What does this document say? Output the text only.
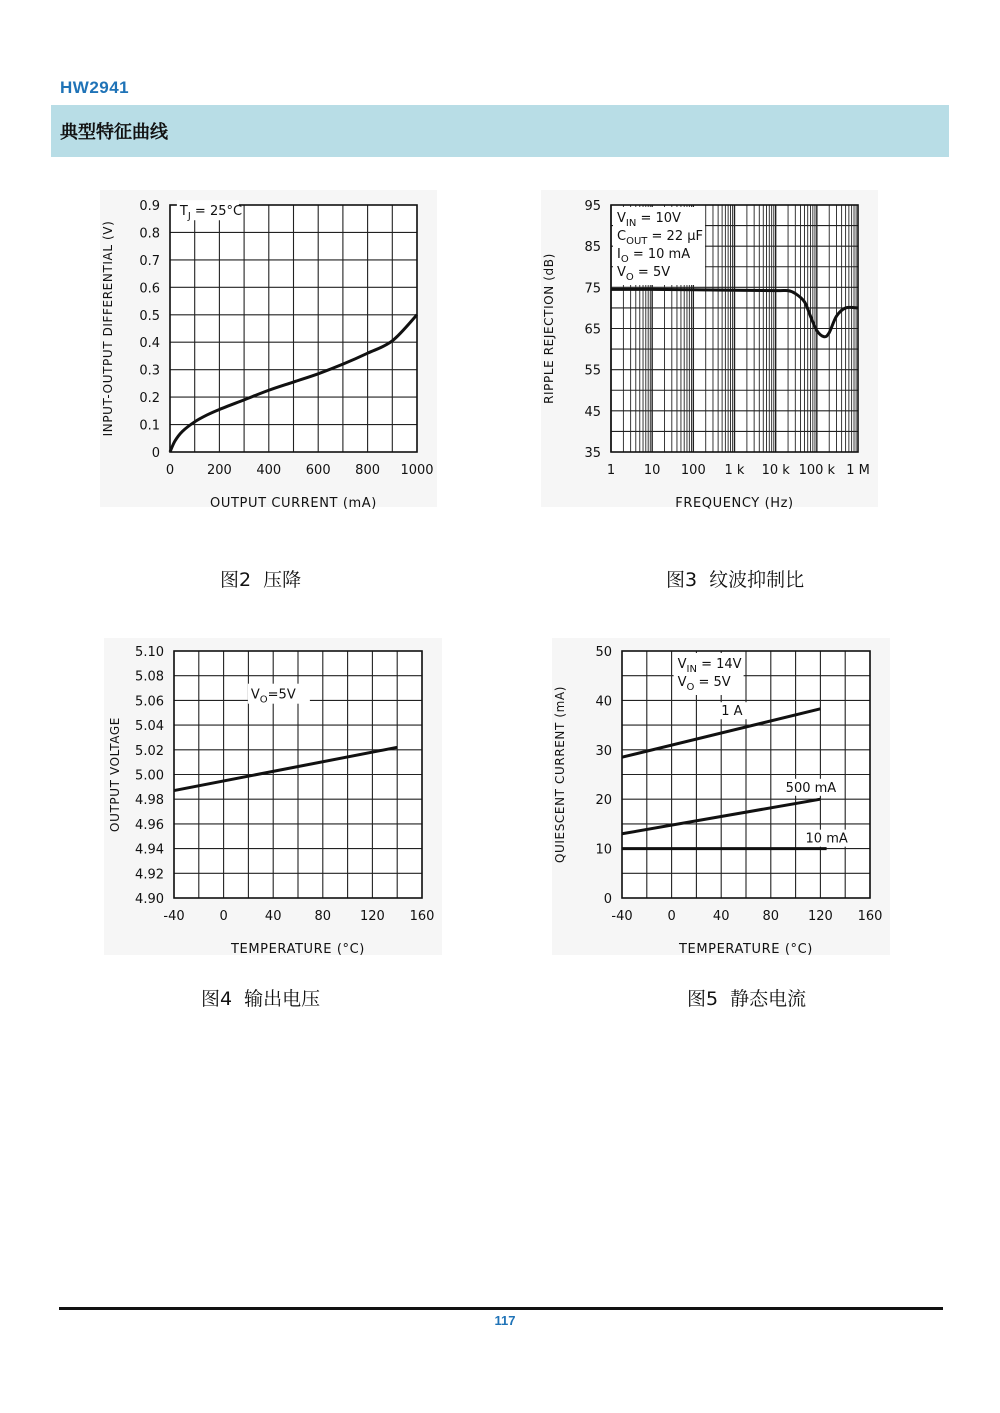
HW2941
典型特征曲线
0	200 400 600 800 1000
0
0.1
0.2
0.3
0.4
0.5
0.6
0.7
0.8
0.9
OUTPUT CURRENT (mA)
INPUT-OUTPUT DIFFERENTIAL (V)
$T_J = 25^\circ C$
1 10 100 1 k 10 k 100 k 1 M
35
45
55
65
75
85
95
FREQUENCY (Hz)
RIPPLE REJECTION (dB)
$V_{IN} = 10V$
$C_{OUT} = 22$ μF
$I_O = 10$ mA
$V_O = 5V$
-40	0	40	80 120 160
4.90
4.92
4.94
4.96
4.98
5.00
5.02
5.04
5.06
5.08
5.10
TEMPERATURE (°C)
OUTPUT VOLTAGE
$V_O=5V$
-40	0	40	80 120 160
0
10
20
30
40
50
TEMPERATURE (°C)
QUIESCENT CURRENT (mA)
$V_{IN} = 14V$
$V_O = 5V$
1 A
500 mA
10 mA
图2  压降	图3  纹波抑制比
图4  输出电压	图5  静态电流
117
